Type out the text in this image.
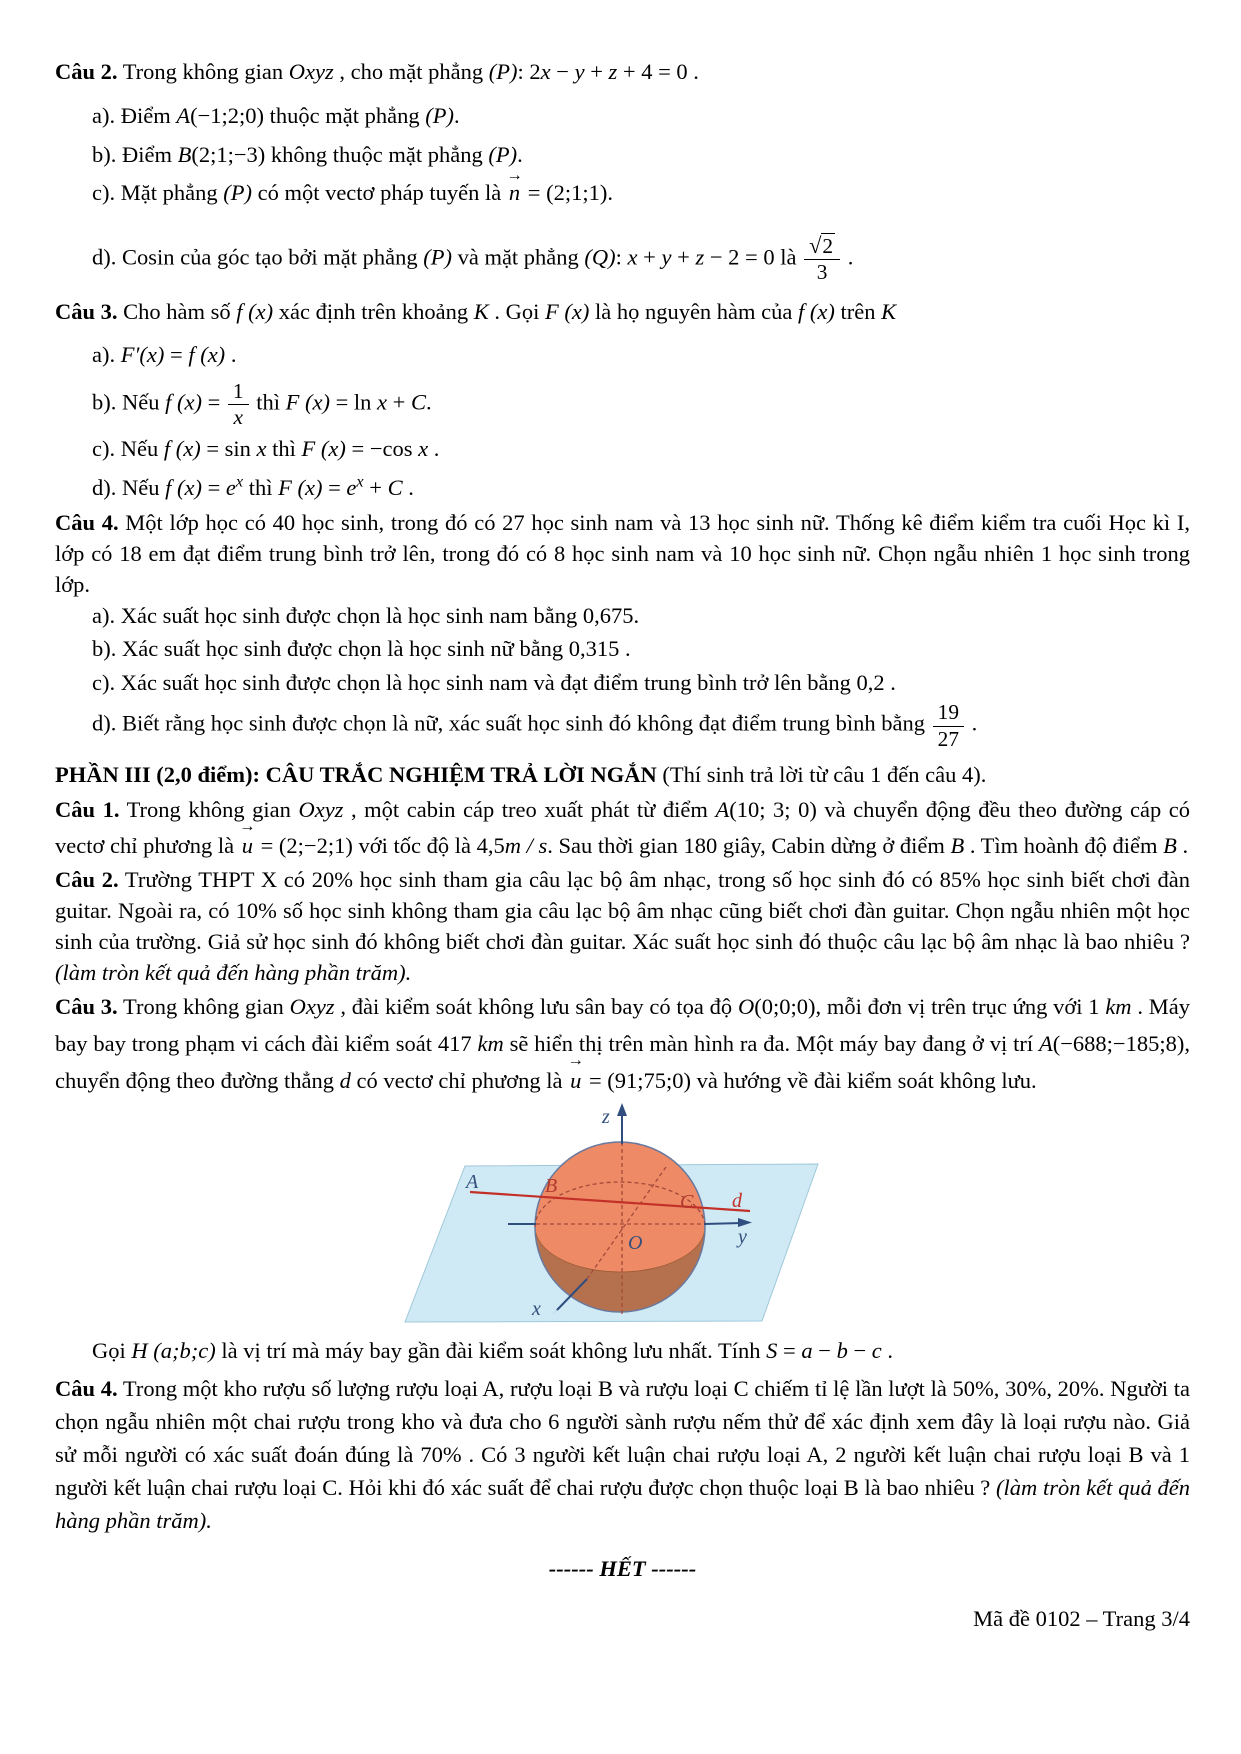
Câu 2. Trong không gian Oxyz , cho mặt phẳng (P): 2x − y + z + 4 = 0 .

a). Điểm A(−1;2;0) thuộc mặt phẳng (P).

b). Điểm B(2;1;−3) không thuộc mặt phẳng (P).

c). Mặt phẳng (P) có một vectơ pháp tuyến là
→
n = (2;1;1).

d). Cosin của góc tạo bởi mặt phẳng (P) và mặt phẳng (Q): x + y + z − 2 = 0 là $\frac{√2}{3}$ .

Câu 3. Cho hàm số f (x) xác định trên khoảng K . Gọi F (x) là họ nguyên hàm của f (x) trên K

a). F′(x) = f (x) .

b). Nếu f $(x) = \frac{1}{x}$ thì F (x) = ln x + C.

c). Nếu f (x) = sin x thì F (x) = −cos x .

d). Nếu f $(x) = e^x$ thì F $(x) = e^x + C$ .

Câu 4. Một lớp học có 40 học sinh, trong đó có 27 học sinh nam và 13 học sinh nữ. Thống kê điểm kiểm tra cuối Học kì I, lớp có 18 em đạt điểm trung bình trở lên, trong đó có 8 học sinh nam và 10 học sinh nữ. Chọn ngẫu nhiên 1 học sinh trong lớp.

a). Xác suất học sinh được chọn là học sinh nam bằng 0,675.

b). Xác suất học sinh được chọn là học sinh nữ bằng 0,315 .

c). Xác suất học sinh được chọn là học sinh nam và đạt điểm trung bình trở lên bằng 0,2 .

d). Biết rằng học sinh được chọn là nữ, xác suất học sinh đó không đạt điểm trung bình bằng $\frac{19}{27}$ .

PHẦN III (2,0 điểm): CÂU TRẮC NGHIỆM TRẢ LỜI NGẮN (Thí sinh trả lời từ câu 1 đến câu 4).

Câu 1. Trong không gian Oxyz , một cabin cáp treo xuất phát từ điểm A(10; 3; 0) và chuyển động đều theo đường cáp có vectơ chỉ phương là
→
u = (2;−2;1) với tốc độ là 4,5m / s. Sau thời gian 180 giây, Cabin dừng ở điểm B . Tìm hoành độ điểm B .

Câu 2. Trường THPT X có 20% học sinh tham gia câu lạc bộ âm nhạc, trong số học sinh đó có 85% học sinh biết chơi đàn guitar. Ngoài ra, có 10% số học sinh không tham gia câu lạc bộ âm nhạc cũng biết chơi đàn guitar. Chọn ngẫu nhiên một học sinh của trường. Giả sử học sinh đó không biết chơi đàn guitar. Xác suất học sinh đó thuộc câu lạc bộ âm nhạc là bao nhiêu ? (làm tròn kết quả đến hàng phần trăm).

Câu 3. Trong không gian Oxyz , đài kiểm soát không lưu sân bay có tọa độ O(0;0;0), mỗi đơn vị trên trục ứng với 1 km . Máy bay bay trong phạm vi cách đài kiểm soát 417 km sẽ hiển thị trên màn hình ra đa. Một máy bay đang ở vị trí A(−688;−185;8), chuyển động theo đường thẳng d có vectơ chỉ phương là
→
u = (91;75;0) và hướng về đài kiểm soát không lưu.

z
y
x
O
A	B
C d

Gọi H (a;b;c) là vị trí mà máy bay gần đài kiểm soát không lưu nhất. Tính S = a − b − c .

Câu 4. Trong một kho rượu số lượng rượu loại A, rượu loại B và rượu loại C chiếm tỉ lệ lần lượt là 50%, 30%, 20%. Người ta chọn ngẫu nhiên một chai rượu trong kho và đưa cho 6 người sành rượu nếm thử để xác định xem đây là loại rượu nào. Giả sử mỗi người có xác suất đoán đúng là 70% . Có 3 người kết luận chai rượu loại A, 2 người kết luận chai rượu loại B và 1 người kết luận chai rượu loại C. Hỏi khi đó xác suất để chai rượu được chọn thuộc loại B là bao nhiêu ? (làm tròn kết quả đến hàng phần trăm).

------ HẾT ------

Mã đề 0102 – Trang 3/4
